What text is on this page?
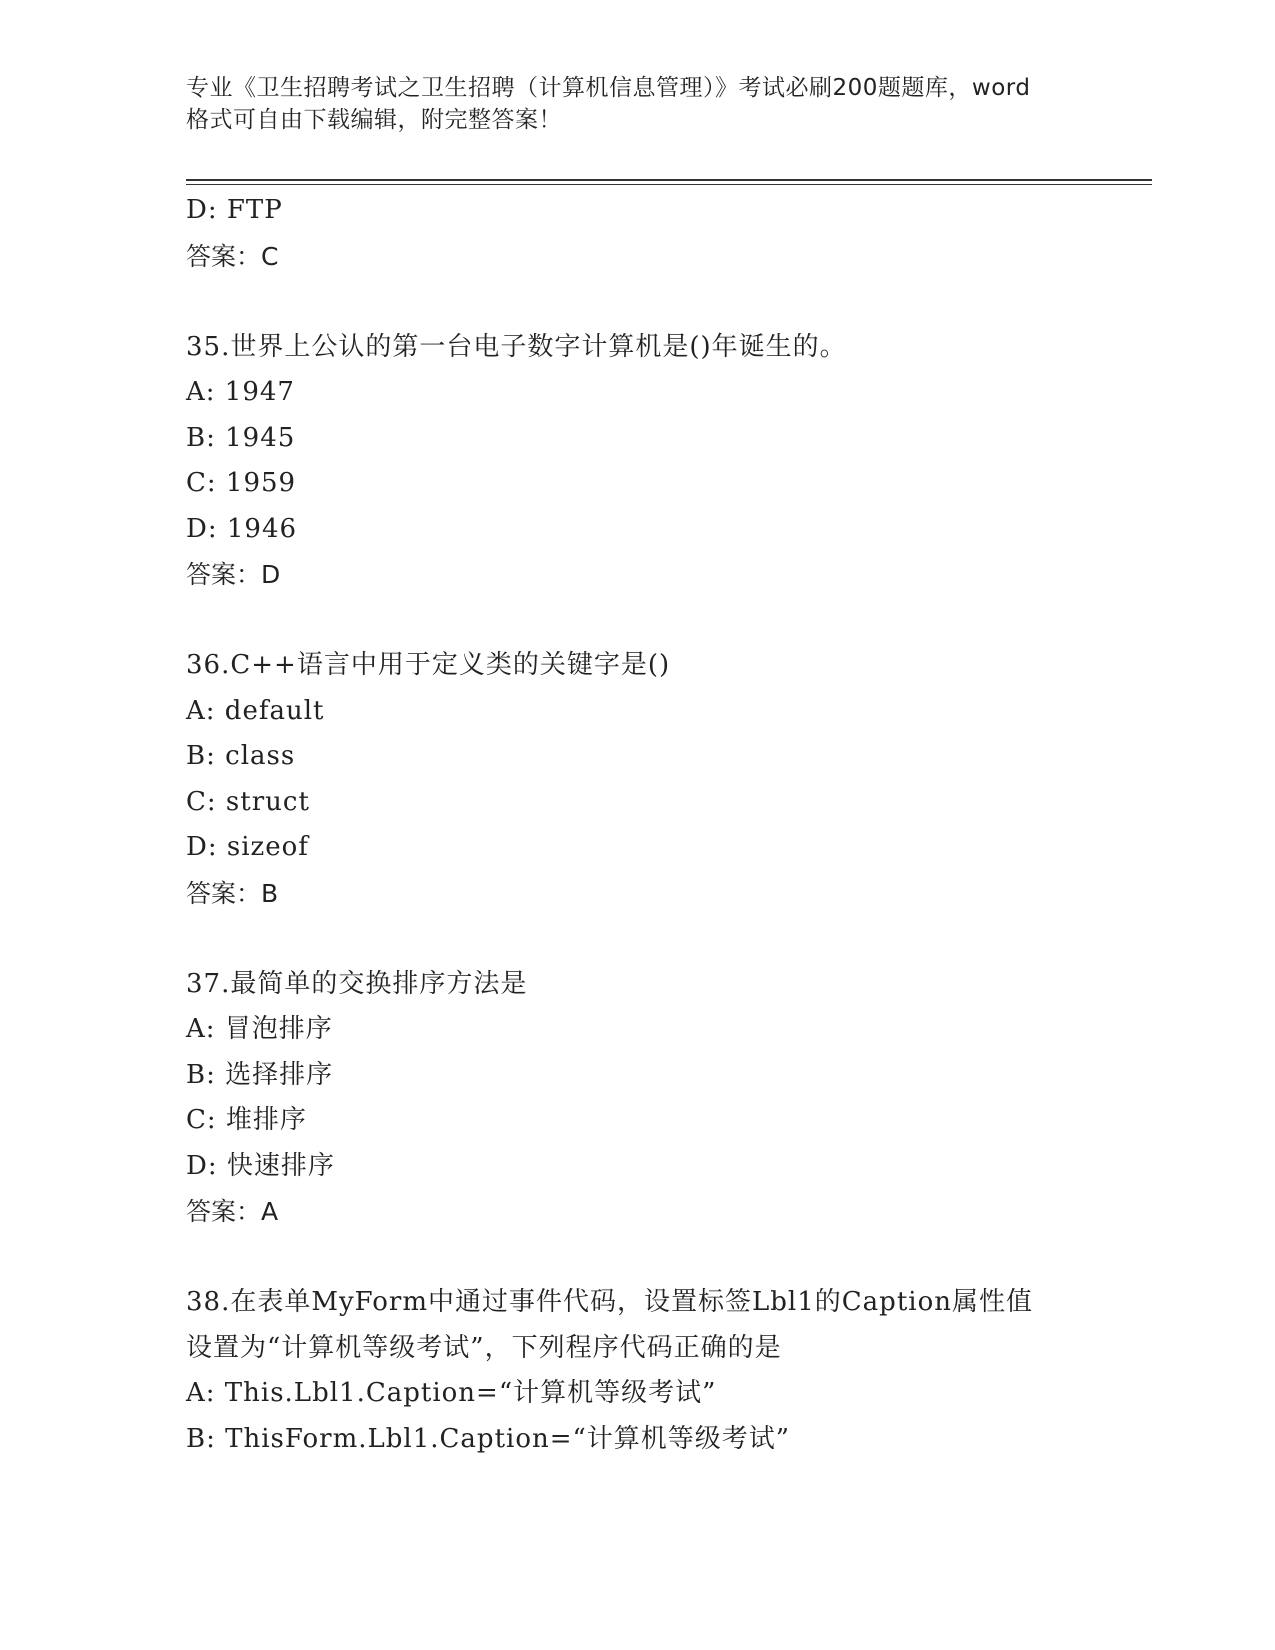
专业《卫生招聘考试之卫生招聘（计算机信息管理）》考试必刷200题题库，word
格式可自由下载编辑，附完整答案！
D: FTP
答案：C
35.世界上公认的第一台电子数字计算机是()年诞生的。
A: 1947
B: 1945
C: 1959
D: 1946
答案：D
36.C++语言中用于定义类的关键字是()
A: default
B: class
C: struct
D: sizeof
答案：B
37.最简单的交换排序方法是
A: 冒泡排序
B: 选择排序
C: 堆排序
D: 快速排序
答案：A
38.在表单MyForm中通过事件代码，设置标签Lbl1的Caption属性值
设置为“计算机等级考试”，下列程序代码正确的是
A: This.Lbl1.Caption=“计算机等级考试”
B: ThisForm.Lbl1.Caption=“计算机等级考试”
